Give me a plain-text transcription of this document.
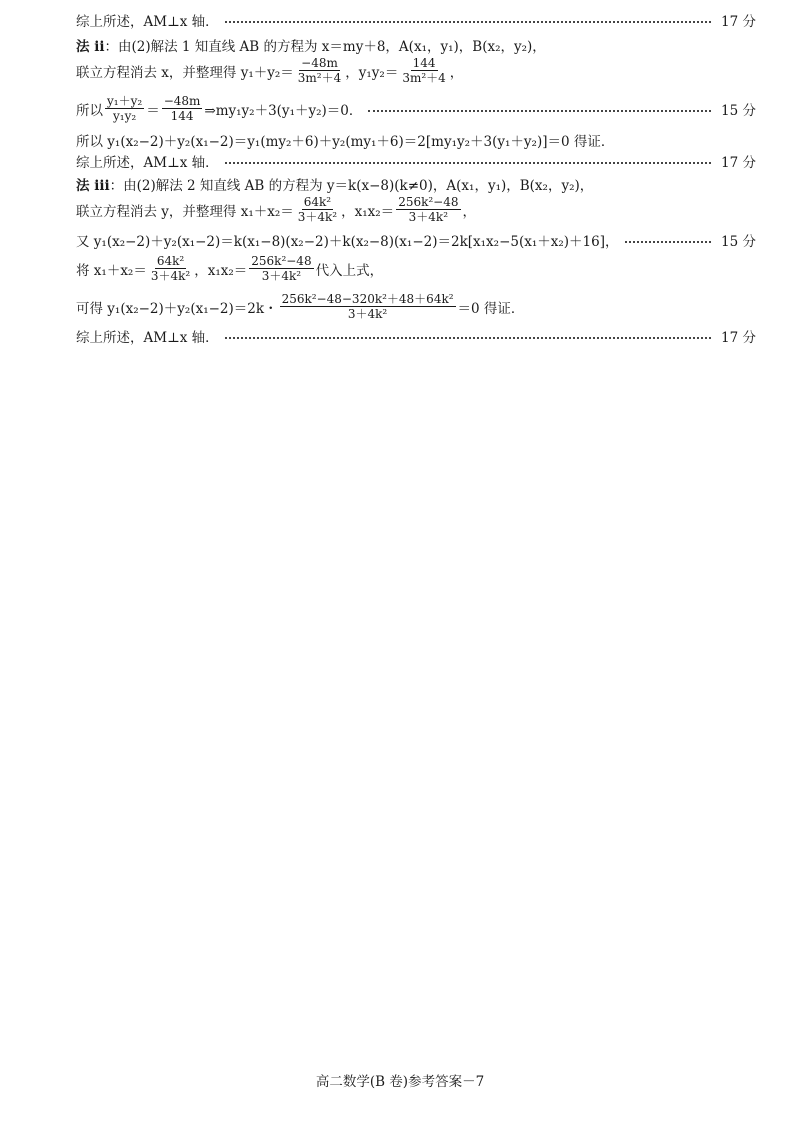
综上所述，AM⊥x 轴．	17 分
法 ⅱ ：由(2)解法 1 知直线 AB 的方程为 x＝my＋8，A(x₁，y₁)，B(x₂，y₂)，
联立方程消去 x，并整理得 $y_1+y_2= \frac{-48m}{\text{3m²＋4}}$ ，$y_1y_2= \frac{144}{\text{3m²＋4}}$ ，
所以 $\frac{\text{y₁＋y₂}}{\text{y₁y₂}} = \frac{-48m}{144}$ ⇒my₁y₂＋3(y₁＋y₂)＝0．	15 分
所以 y₁(x₂−2)＋y₂(x₁−2)＝y₁(my₂＋6)＋y₂(my₁＋6)＝2[my₁y₂＋3(y₁＋y₂)]＝0 得证．
综上所述，AM⊥x 轴．	17 分
法 ⅲ ：由(2)解法 2 知直线 AB 的方程为 y＝k(x−8)(k≠0)，A(x₁，y₁)，B(x₂，y₂)，
联立方程消去 y，并整理得 $x_1+x_2= \frac{\text{64k²}}{\text{3＋4k²}}$ ，$x_1x_2= \frac{\text{256k²−48}}{\text{3＋4k²}}$ ，
又 y₁(x₂−2)＋y₂(x₁−2)＝k(x₁−8)(x₂−2)＋k(x₂−8)(x₁−2)＝2k[x₁x₂−5(x₁＋x₂)＋16]，	15 分
将 $x_1+x_2= \frac{\text{64k²}}{\text{3＋4k²}}$ ，$x_1x_2= \frac{\text{256k²−48}}{\text{3＋4k²}}$ 代入上式，
可得 y₁(x₂−2)＋y₂(x₁−2)＝2k・ $\frac{\text{256k²−48−320k²＋48＋64k²}}{\text{3＋4k²}} =0$ 得证．
综上所述，AM⊥x 轴．	17 分
高二数学(B 卷)参考答案－7
